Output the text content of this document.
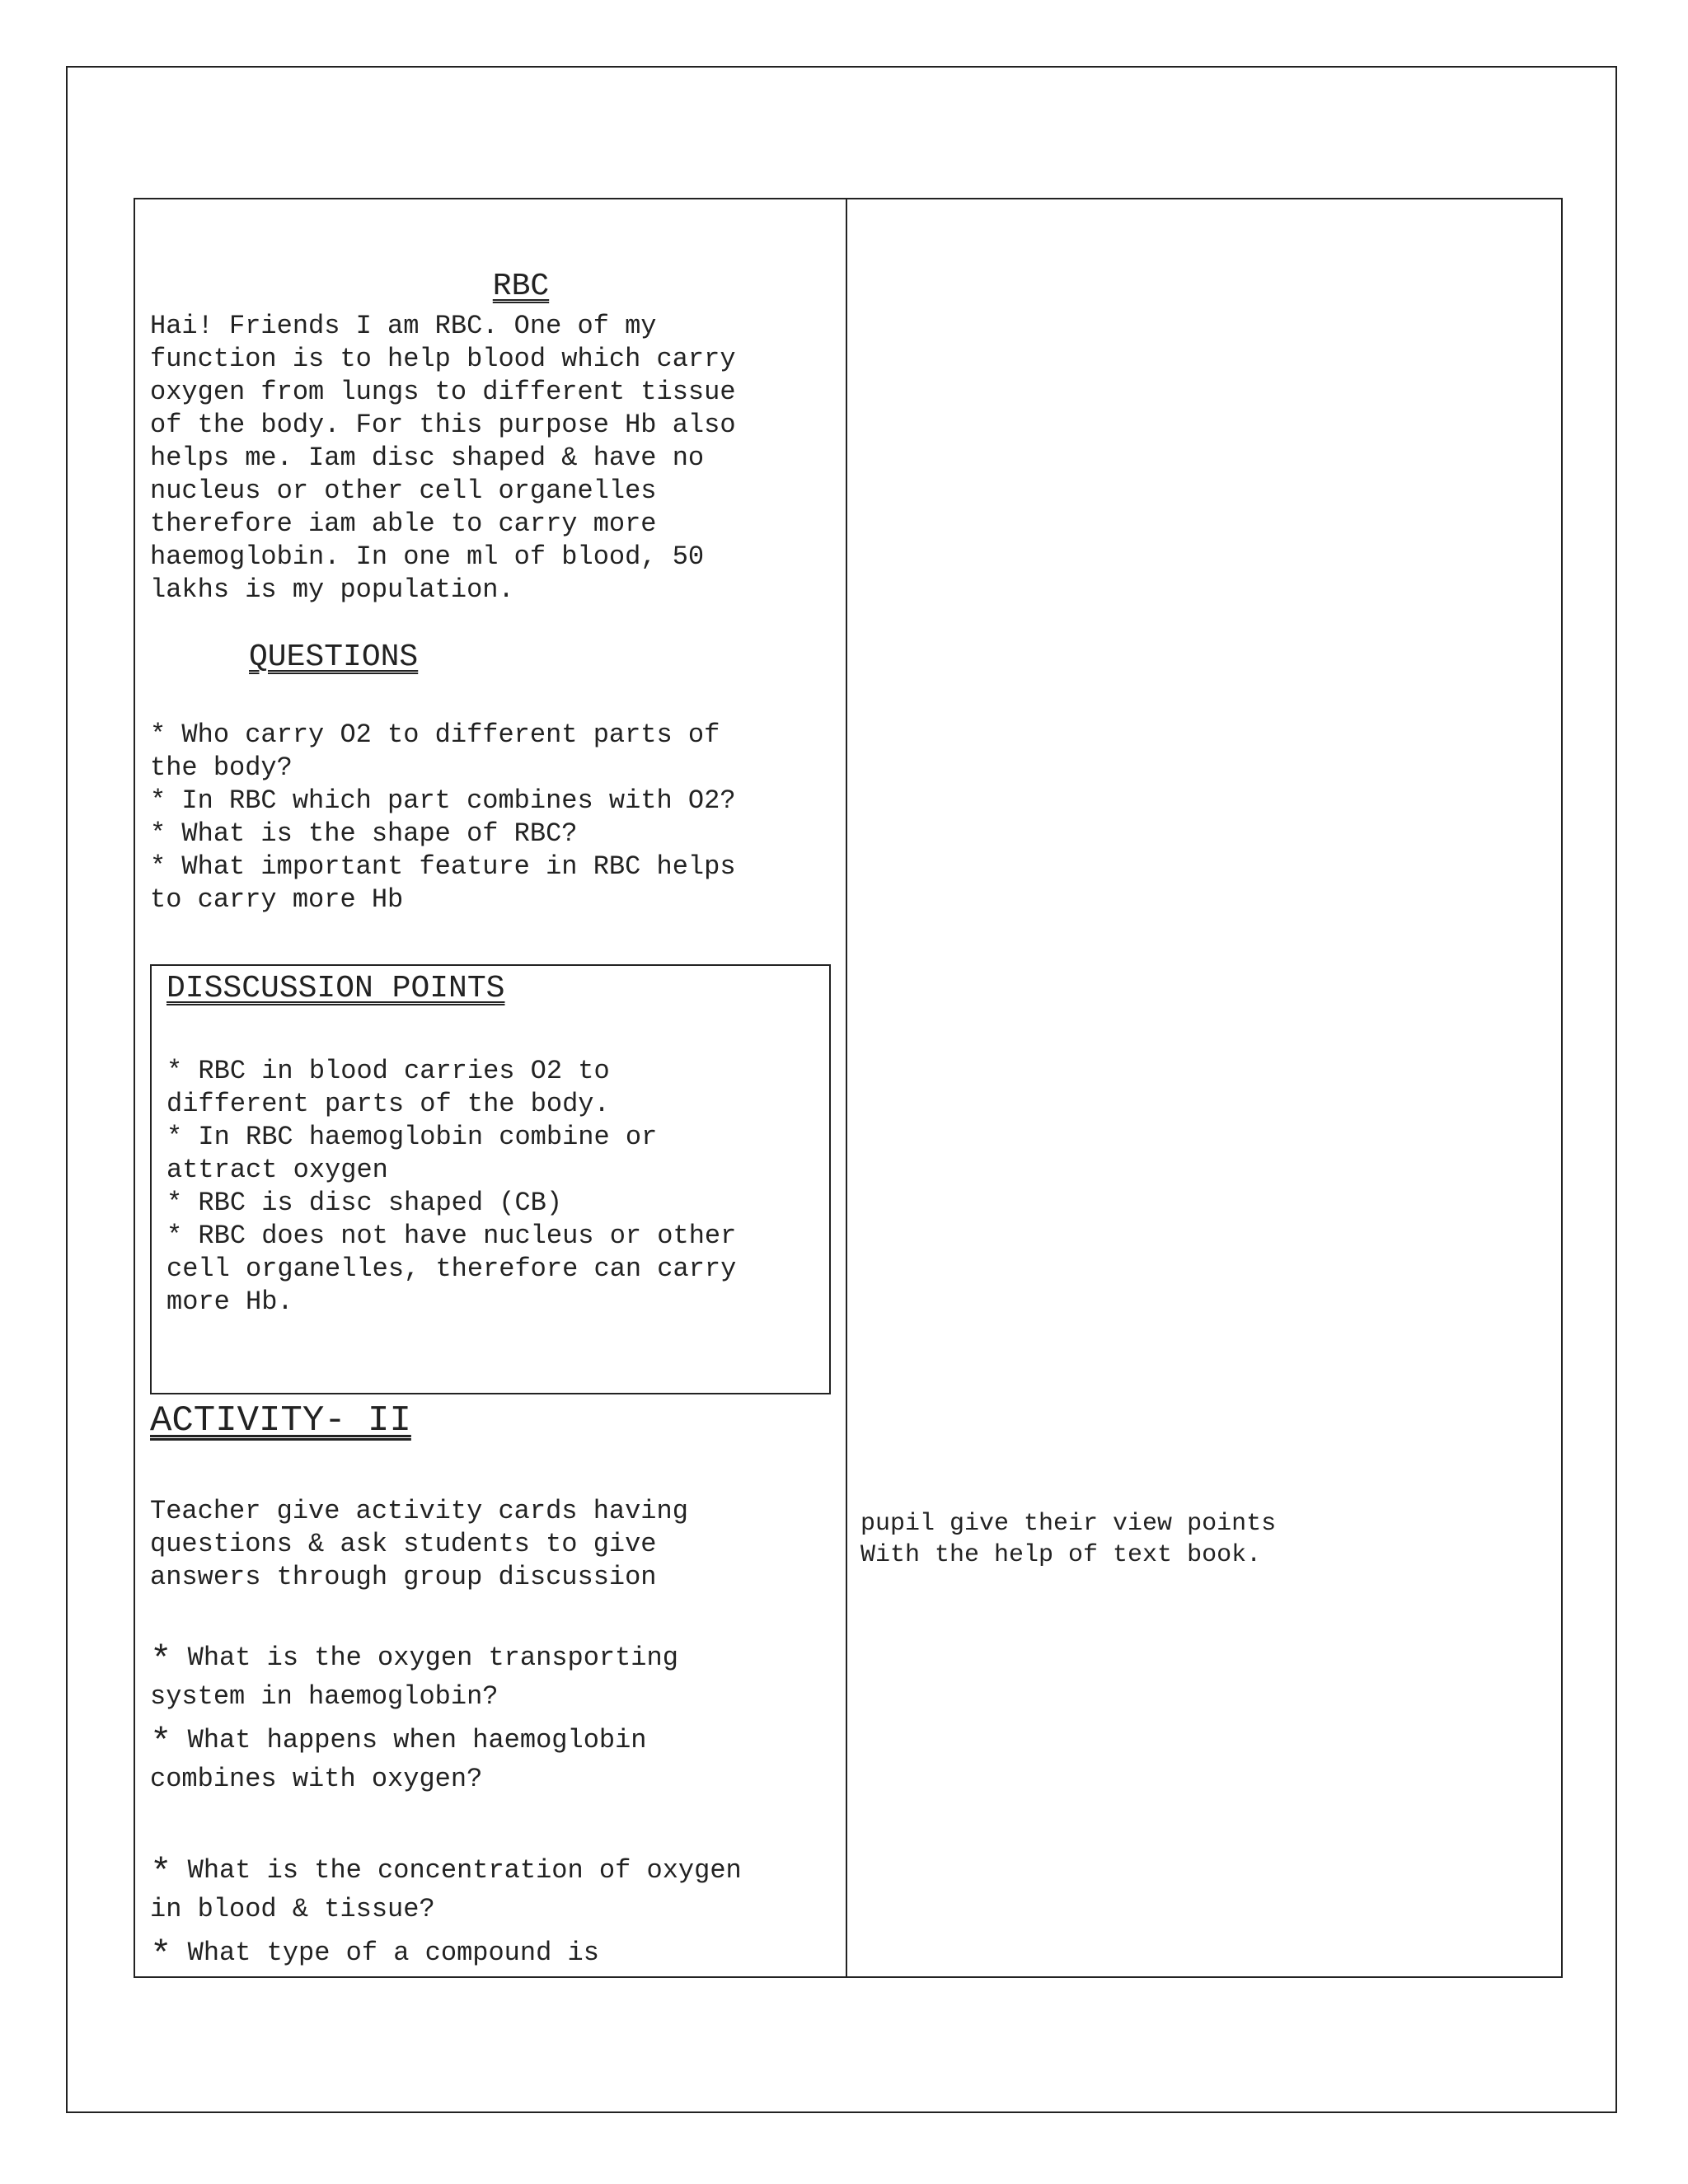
RBC

Hai! Friends I am RBC. One of my
function is to help blood which carry
oxygen from lungs to different tissue
of the body. For this purpose Hb also
helps me. Iam disc shaped & have no
nucleus or other cell organelles
therefore iam able to carry more
haemoglobin. In one ml of blood, 50
lakhs is my population.

QUESTIONS

* Who carry O2 to different parts of
the body?

* In RBC which part combines with O2?

* What is the shape of RBC?

* What important feature in RBC helps
to carry more Hb

DISSCUSSION POINTS

* RBC in blood carries O2 to
different parts of the body.

* In RBC haemoglobin combine or
attract oxygen

* RBC is disc shaped (CB)

* RBC does not have nucleus or other
cell organelles, therefore can carry
more Hb.

ACTIVITY- II

Teacher give activity cards having
questions & ask students to give
answers through group discussion

* What is the oxygen transporting
system in haemoglobin?
* What happens when haemoglobin
combines with oxygen?
* What is the concentration of oxygen
in blood & tissue?
* What type of a compound is

pupil give their view points
With the help of text book.
